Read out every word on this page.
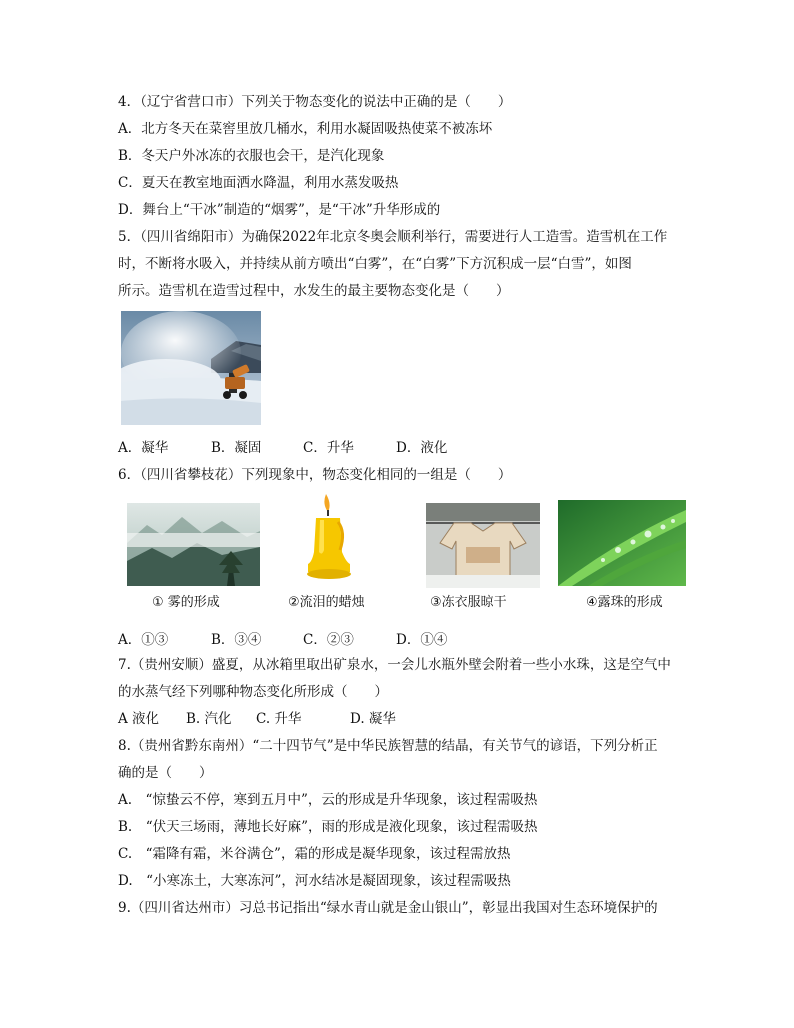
4．（辽宁省营口市）下列关于物态变化的说法中正确的是（　　）
A．北方冬天在菜窖里放几桶水，利用水凝固吸热使菜不被冻坏
B．冬天户外冰冻的衣服也会干，是汽化现象
C．夏天在教室地面洒水降温，利用水蒸发吸热
D．舞台上“干冰”制造的“烟雾”，是“干冰”升华形成的
5．（四川省绵阳市）为确保2022年北京冬奥会顺利举行，需要进行人工造雪。造雪机在工作
时，不断将水吸入，并持续从前方喷出“白雾”，在“白雾”下方沉积成一层“白雪”，如图
所示。造雪机在造雪过程中，水发生的最主要物态变化是（　　）
A．凝华	B．凝固	C．升华	D．液化
6．（四川省攀枝花）下列现象中，物态变化相同的一组是（　　）
① 雾的形成	②流泪的蜡烛	③冻衣服晾干	④露珠的形成
A．①③	B．③④	C．②③	D．①④
7.（贵州安顺）盛夏，从冰箱里取出矿泉水，一会儿水瓶外壁会附着一些小水珠，这是空气中
的水蒸气经下列哪种物态变化所形成（　　）
A 液化 B. 汽化 C. 升华	D. 凝华
8.（贵州省黔东南州）“二十四节气”是中华民族智慧的结晶，有关节气的谚语，下列分析正
确的是（　　）
A.　“惊蛰云不停，寒到五月中”，云的形成是升华现象，该过程需吸热
B.　“伏天三场雨，薄地长好麻”，雨的形成是液化现象，该过程需吸热
C.　“霜降有霜，米谷满仓”，霜的形成是凝华现象，该过程需放热
D.　“小寒冻土，大寒冻河”，河水结冰是凝固现象，该过程需吸热
9.（四川省达州市）习总书记指出“绿水青山就是金山银山”，彰显出我国对生态环境保护的
